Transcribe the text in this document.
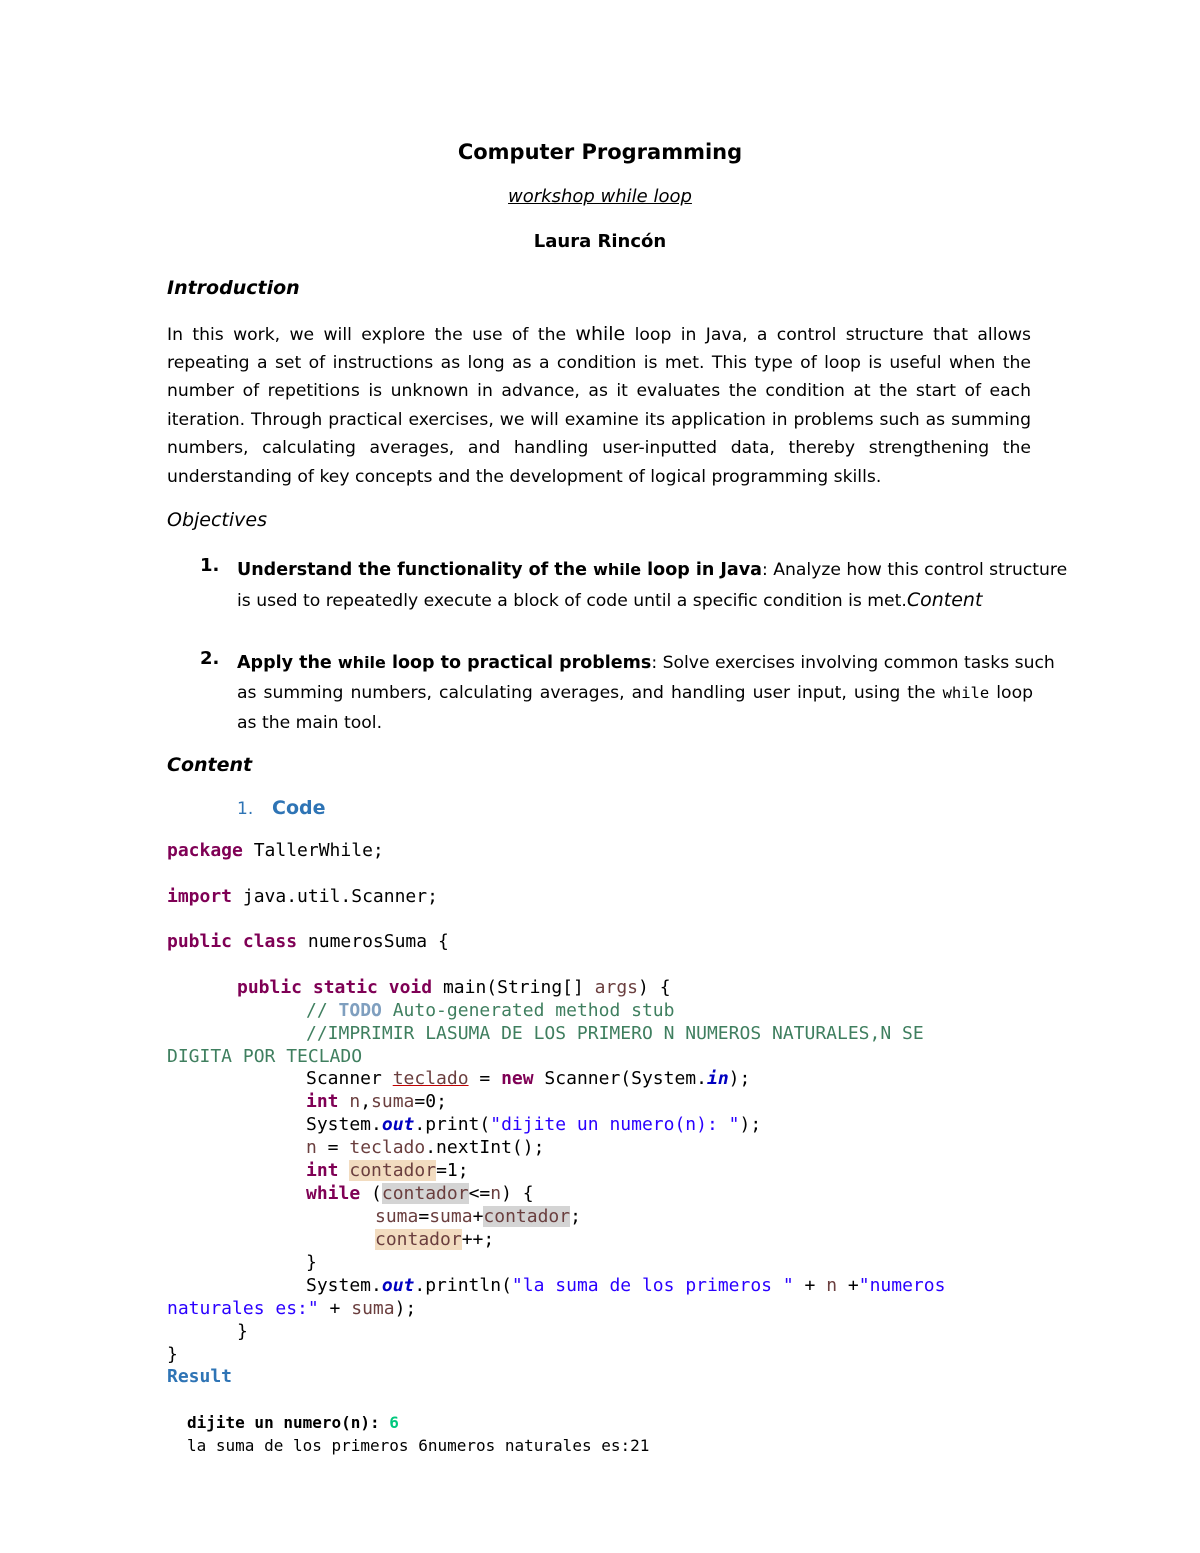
Computer Programming
workshop while loop
Laura Rincón
Introduction
In this work, we will explore the use of the while loop in Java, a control structure that allows
repeating a set of instructions as long as a condition is met. This type of loop is useful when the
number of repetitions is unknown in advance, as it evaluates the condition at the start of each
iteration. Through practical exercises, we will examine its application in problems such as summing
numbers, calculating averages, and handling user-inputted data, thereby strengthening the
understanding of key concepts and the development of logical programming skills.
Objectives
1. Understand the functionality of the while loop in Java: Analyze how this control structure
is used to repeatedly execute a block of code until a specific condition is met.Content
2. Apply the while loop to practical problems: Solve exercises involving common tasks such
as summing numbers, calculating averages, and handling user input, using the while loop
as the main tool.
Content
1. Code
package TallerWhile;
import java.util.Scanner;
public class numerosSuma {
public static void main(String[] args) {
// TODO Auto-generated method stub
//IMPRIMIR LASUMA DE LOS PRIMERO N NUMEROS NATURALES,N SE
DIGITA POR TECLADO
Scanner teclado = new Scanner(System.in);
int n,suma=0;
System.out.print("dijite un numero(n): ");
n = teclado.nextInt();
int contador=1;
while (contador<=n) {
suma=suma+contador;
contador++;
}
System.out.println("la suma de los primeros " + n +"numeros
naturales es:" + suma);
}
}
Result
dijite un numero(n): 6
la suma de los primeros 6numeros naturales es:21
